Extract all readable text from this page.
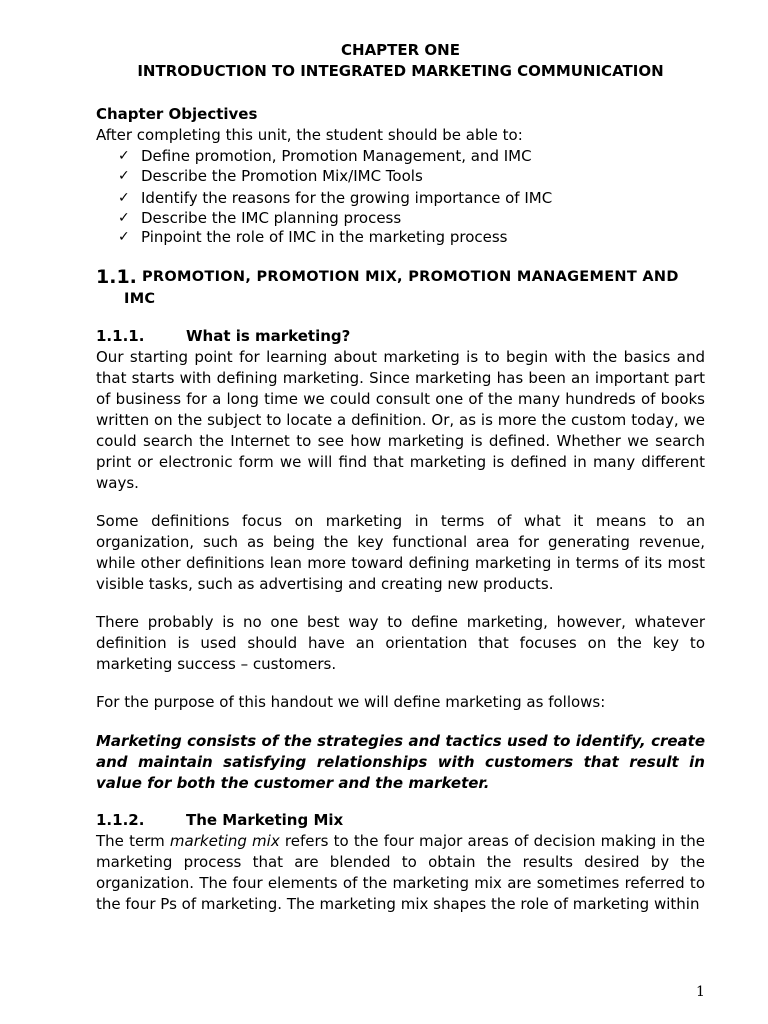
CHAPTER ONE
INTRODUCTION TO INTEGRATED MARKETING COMMUNICATION
Chapter Objectives
After completing this unit, the student should be able to:
✓ Define promotion, Promotion Management, and IMC
✓ Describe the Promotion Mix/IMC Tools
✓ Identify the reasons for the growing importance of IMC
✓ Describe the IMC planning process
✓ Pinpoint the role of IMC in the marketing process
1.1. PROMOTION, PROMOTION MIX, PROMOTION MANAGEMENT AND
IMC
1.1.1.	What is marketing?

Our starting point for learning about marketing is to begin with the basics and that starts with defining marketing. Since marketing has been an important part of business for a long time we could consult one of the many hundreds of books written on the subject to locate a definition. Or, as is more the custom today, we could search the Internet to see how marketing is defined. Whether we search print or electronic form we will find that marketing is defined in many different ways.

Some definitions focus on marketing in terms of what it means to an organization, such as being the key functional area for generating revenue, while other definitions lean more toward defining marketing in terms of its most visible tasks, such as advertising and creating new products.

There probably is no one best way to define marketing, however, whatever definition is used should have an orientation that focuses on the key to marketing success – customers.

For the purpose of this handout we will define marketing as follows:

Marketing consists of the strategies and tactics used to identify, create and maintain satisfying relationships with customers that result in value for both the customer and the marketer.

1.1.2.	The Marketing Mix

The term marketing mix refers to the four major areas of decision making in the marketing process that are blended to obtain the results desired by the organization. The four elements of the marketing mix are sometimes referred to the four Ps of marketing. The marketing mix shapes the role of marketing within

1
